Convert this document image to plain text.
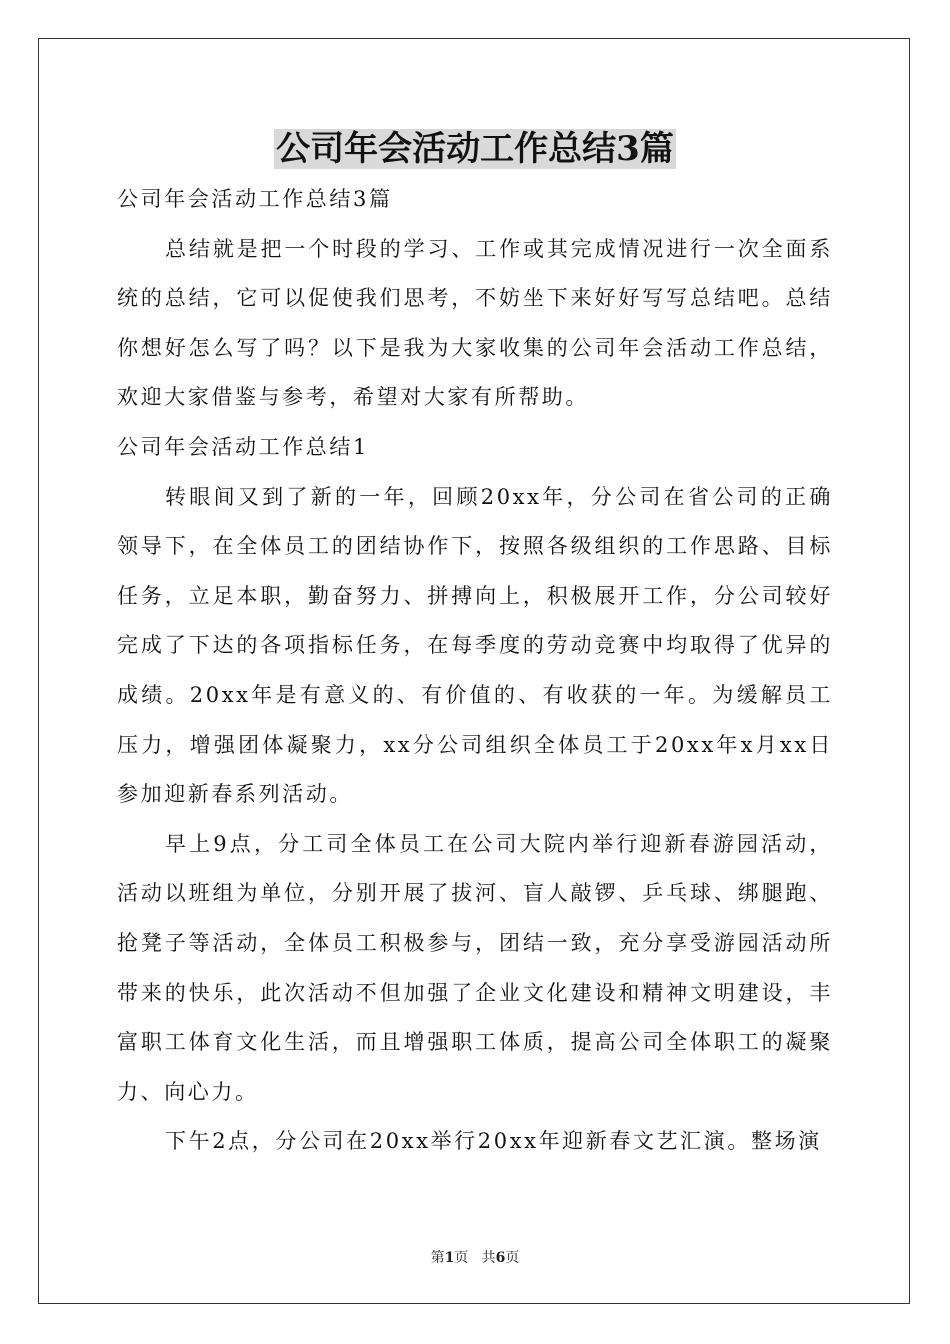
公司年会活动工作总结3篇

公司年会活动工作总结3篇

总结就是把一个时段的学习、工作或其完成情况进行一次全面系统的总结，它可以促使我们思考，不妨坐下来好好写写总结吧。总结你想好怎么写了吗？以下是我为大家收集的公司年会活动工作总结，欢迎大家借鉴与参考，希望对大家有所帮助。

公司年会活动工作总结1

转眼间又到了新的一年，回顾20xx年，分公司在省公司的正确领导下，在全体员工的团结协作下，按照各级组织的工作思路、目标任务，立足本职，勤奋努力、拼搏向上，积极展开工作，分公司较好完成了下达的各项指标任务，在每季度的劳动竞赛中均取得了优异的成绩。20xx年是有意义的、有价值的、有收获的一年。为缓解员工压力，增强团体凝聚力，xx分公司组织全体员工于20xx年x月xx日参加迎新春系列活动。

早上9点，分工司全体员工在公司大院内举行迎新春游园活动，活动以班组为单位，分别开展了拔河、盲人敲锣、乒乓球、绑腿跑、抢凳子等活动，全体员工积极参与，团结一致，充分享受游园活动所带来的快乐，此次活动不但加强了企业文化建设和精神文明建设，丰富职工体育文化生活，而且增强职工体质，提高公司全体职工的凝聚力、向心力。

下午2点，分公司在20xx举行20xx年迎新春文艺汇演。整场演

第1页 共6页
